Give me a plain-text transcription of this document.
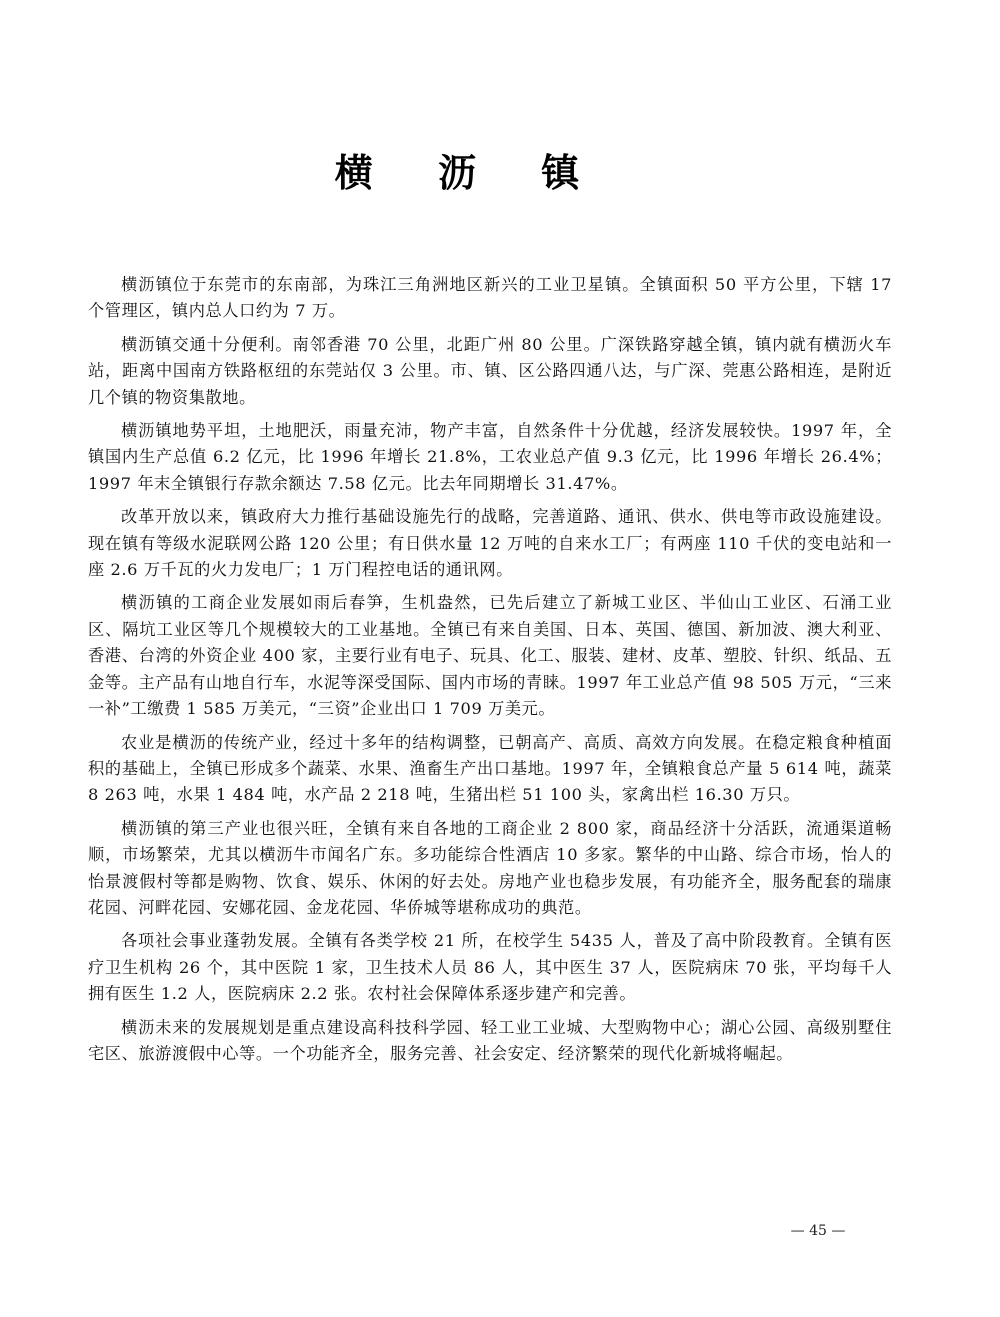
横 沥 镇

横沥镇位于东莞市的东南部，为珠江三角洲地区新兴的工业卫星镇。全镇面积 50 平方公里，下辖 17 个管理区，镇内总人口约为 7 万。

横沥镇交通十分便利。南邻香港 70 公里，北距广州 80 公里。广深铁路穿越全镇，镇内就有横沥火车站，距离中国南方铁路枢纽的东莞站仅 3 公里。市、镇、区公路四通八达，与广深、莞惠公路相连，是附近几个镇的物资集散地。

横沥镇地势平坦，土地肥沃，雨量充沛，物产丰富，自然条件十分优越，经济发展较快。1997 年，全镇国内生产总值 6.2 亿元，比 1996 年增长 21.8%，工农业总产值 9.3 亿元，比 1996 年增长 26.4%；1997 年末全镇银行存款余额达 7.58 亿元。比去年同期增长 31.47%。

改革开放以来，镇政府大力推行基础设施先行的战略，完善道路、通讯、供水、供电等市政设施建设。现在镇有等级水泥联网公路 120 公里；有日供水量 12 万吨的自来水工厂；有两座 110 千伏的变电站和一座 2.6 万千瓦的火力发电厂；1 万门程控电话的通讯网。

横沥镇的工商企业发展如雨后春笋，生机盎然，已先后建立了新城工业区、半仙山工业区、石涌工业区、隔坑工业区等几个规模较大的工业基地。全镇已有来自美国、日本、英国、德国、新加波、澳大利亚、香港、台湾的外资企业 400 家，主要行业有电子、玩具、化工、服装、建材、皮革、塑胶、针织、纸品、五金等。主产品有山地自行车，水泥等深受国际、国内市场的青睐。1997 年工业总产值 98 505 万元，“三来一补”工缴费 1 585 万美元，“三资”企业出口 1 709 万美元。

农业是横沥的传统产业，经过十多年的结构调整，已朝高产、高质、高效方向发展。在稳定粮食种植面积的基础上，全镇已形成多个蔬菜、水果、渔畜生产出口基地。1997 年，全镇粮食总产量 5 614 吨，蔬菜 8 263 吨，水果 1 484 吨，水产品 2 218 吨，生猪出栏 51 100 头，家禽出栏 16.30 万只。

横沥镇的第三产业也很兴旺，全镇有来自各地的工商企业 2 800 家，商品经济十分活跃，流通渠道畅顺，市场繁荣，尤其以横沥牛市闻名广东。多功能综合性酒店 10 多家。繁华的中山路、综合市场，怡人的怡景渡假村等都是购物、饮食、娱乐、休闲的好去处。房地产业也稳步发展，有功能齐全，服务配套的瑞康花园、河畔花园、安娜花园、金龙花园、华侨城等堪称成功的典范。

各项社会事业蓬勃发展。全镇有各类学校 21 所，在校学生 5435 人，普及了高中阶段教育。全镇有医疗卫生机构 26 个，其中医院 1 家，卫生技术人员 86 人，其中医生 37 人，医院病床 70 张，平均每千人拥有医生 1.2 人，医院病床 2.2 张。农村社会保障体系逐步建产和完善。

横沥未来的发展规划是重点建设高科技科学园、轻工业工业城、大型购物中心；湖心公园、高级别墅住宅区、旅游渡假中心等。一个功能齐全，服务完善、社会安定、经济繁荣的现代化新城将崛起。

— 45 —
